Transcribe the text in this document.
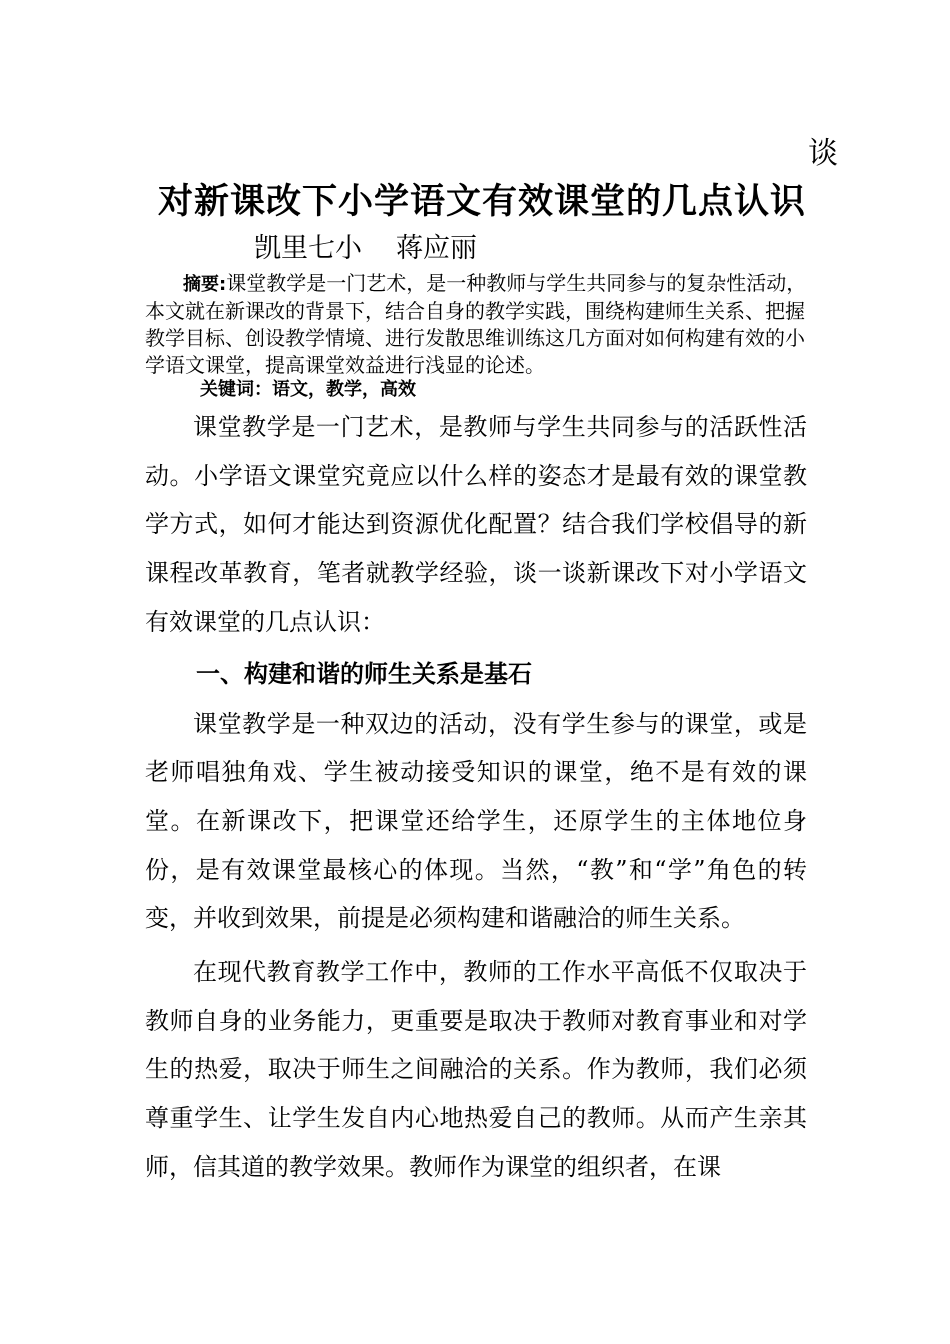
谈
对新课改下小学语文有效课堂的几点认识
凯里七小 蒋应丽
摘要:课堂教学是一门艺术，是一种教师与学生共同参与的复杂性活动，本文就在新课改的背景下，结合自身的教学实践，围绕构建师生关系、把握教学目标、创设教学情境、进行发散思维训练这几方面对如何构建有效的小学语文课堂，提高课堂效益进行浅显的论述。
关键词：语文，教学，高效

课堂教学是一门艺术，是教师与学生共同参与的活跃性活动。小学语文课堂究竟应以什么样的姿态才是最有效的课堂教学方式，如何才能达到资源优化配置？结合我们学校倡导的新课程改革教育，笔者就教学经验，谈一谈新课改下对小学语文有效课堂的几点认识：

一、构建和谐的师生关系是基石

课堂教学是一种双边的活动，没有学生参与的课堂，或是老师唱独角戏、学生被动接受知识的课堂，绝不是有效的课堂。在新课改下，把课堂还给学生，还原学生的主体地位身份，是有效课堂最核心的体现。当然，“教”和“学”角色的转变，并收到效果，前提是必须构建和谐融洽的师生关系。

在现代教育教学工作中，教师的工作水平高低不仅取决于教师自身的业务能力，更重要是取决于教师对教育事业和对学生的热爱，取决于师生之间融洽的关系。作为教师，我们必须尊重学生、让学生发自内心地热爱自己的教师。从而产生亲其师，信其道的教学效果。教师作为课堂的组织者，在课
